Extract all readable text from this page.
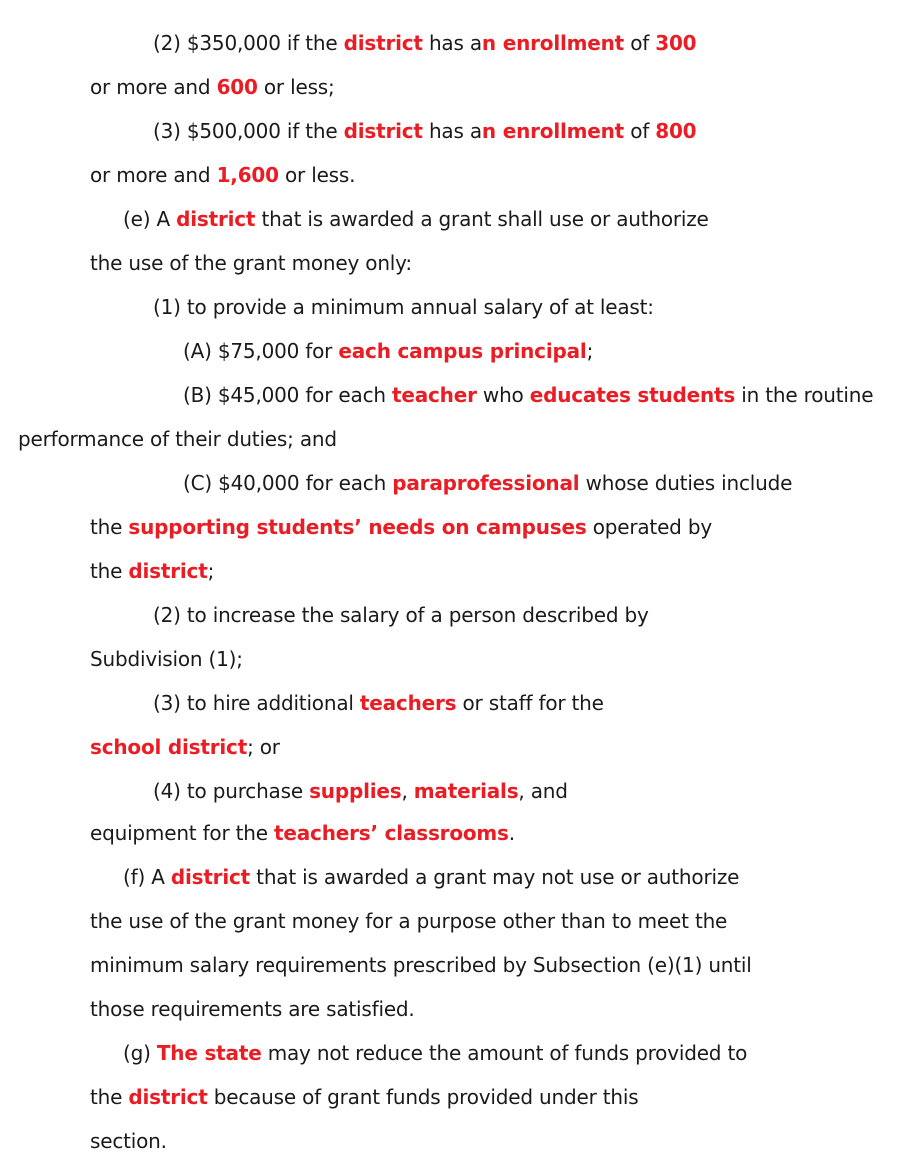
(2) $350,000 if the district has an enrollment of 300
or more and 600 or less;
(3) $500,000 if the district has an enrollment of 800
or more and 1,600 or less.
(e) A district that is awarded a grant shall use or authorize
the use of the grant money only:
(1) to provide a minimum annual salary of at least:
(A) $75,000 for each campus principal;
(B) $45,000 for each teacher who educates students in the routine
performance of their duties; and
(C) $40,000 for each paraprofessional whose duties include
the supporting students’ needs on campuses operated by
the district;
(2) to increase the salary of a person described by
Subdivision (1);
(3) to hire additional teachers or staff for the
school district; or
(4) to purchase supplies, materials, and
equipment for the teachers’ classrooms.
(f) A district that is awarded a grant may not use or authorize
the use of the grant money for a purpose other than to meet the
minimum salary requirements prescribed by Subsection (e)(1) until
those requirements are satisfied.
(g) The state may not reduce the amount of funds provided to
the district because of grant funds provided under this
section.
